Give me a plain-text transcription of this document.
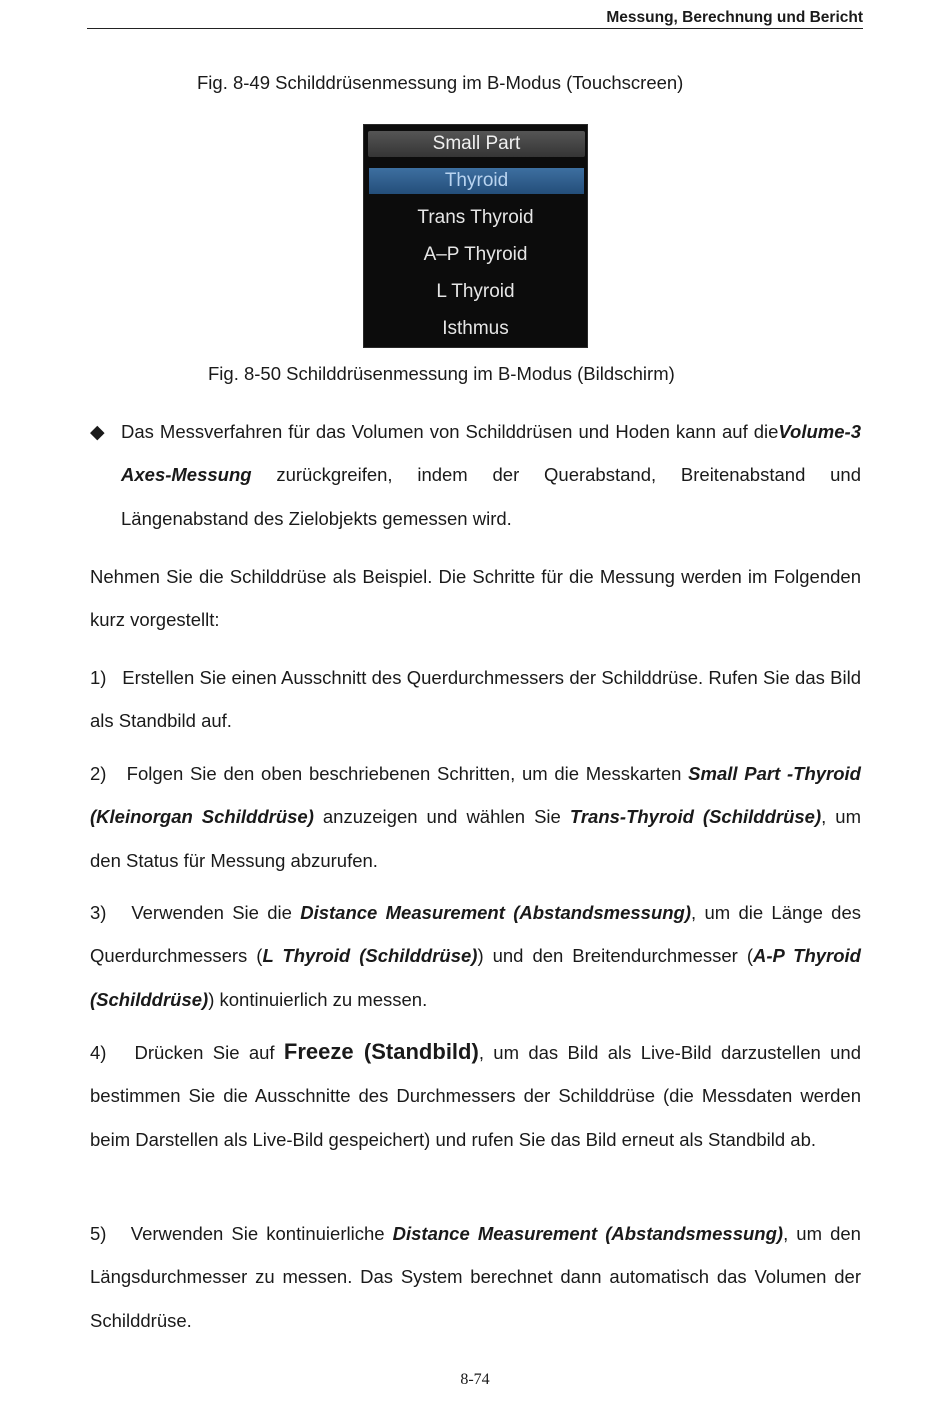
Messung, Berechnung und Bericht
Fig. 8-49 Schilddrüsenmessung im B-Modus (Touchscreen)
Small Part
Thyroid
Trans Thyroid
A–P Thyroid
L Thyroid
Isthmus
Fig. 8-50 Schilddrüsenmessung im B-Modus (Bildschirm)
◆ Das Messverfahren für das Volumen von Schilddrüsen und Hoden kann auf dieVolume-3 Axes-Messung zurückgreifen, indem der Querabstand, Breitenabstand und Längenabstand des Zielobjekts gemessen wird.

Nehmen Sie die Schilddrüse als Beispiel. Die Schritte für die Messung werden im Folgenden kurz vorgestellt:

1)   Erstellen Sie einen Ausschnitt des Querdurchmessers der Schilddrüse. Rufen Sie das Bild als Standbild auf.

2)   Folgen Sie den oben beschriebenen Schritten, um die Messkarten Small Part -Thyroid (Kleinorgan Schilddrüse) anzuzeigen und wählen Sie Trans-Thyroid (Schilddrüse), um den Status für Messung abzurufen.

3)   Verwenden Sie die Distance Measurement (Abstandsmessung), um die Länge des Querdurchmessers (L Thyroid (Schilddrüse)) und den Breitendurchmesser (A-P Thyroid (Schilddrüse)) kontinuierlich zu messen.

4)   Drücken Sie auf Freeze (Standbild), um das Bild als Live-Bild darzustellen und bestimmen Sie die Ausschnitte des Durchmessers der Schilddrüse (die Messdaten werden beim Darstellen als Live-Bild gespeichert) und rufen Sie das Bild erneut als Standbild ab.

5)   Verwenden Sie kontinuierliche Distance Measurement (Abstandsmessung), um den Längsdurchmesser zu messen. Das System berechnet dann automatisch das Volumen der Schilddrüse.

8-74
